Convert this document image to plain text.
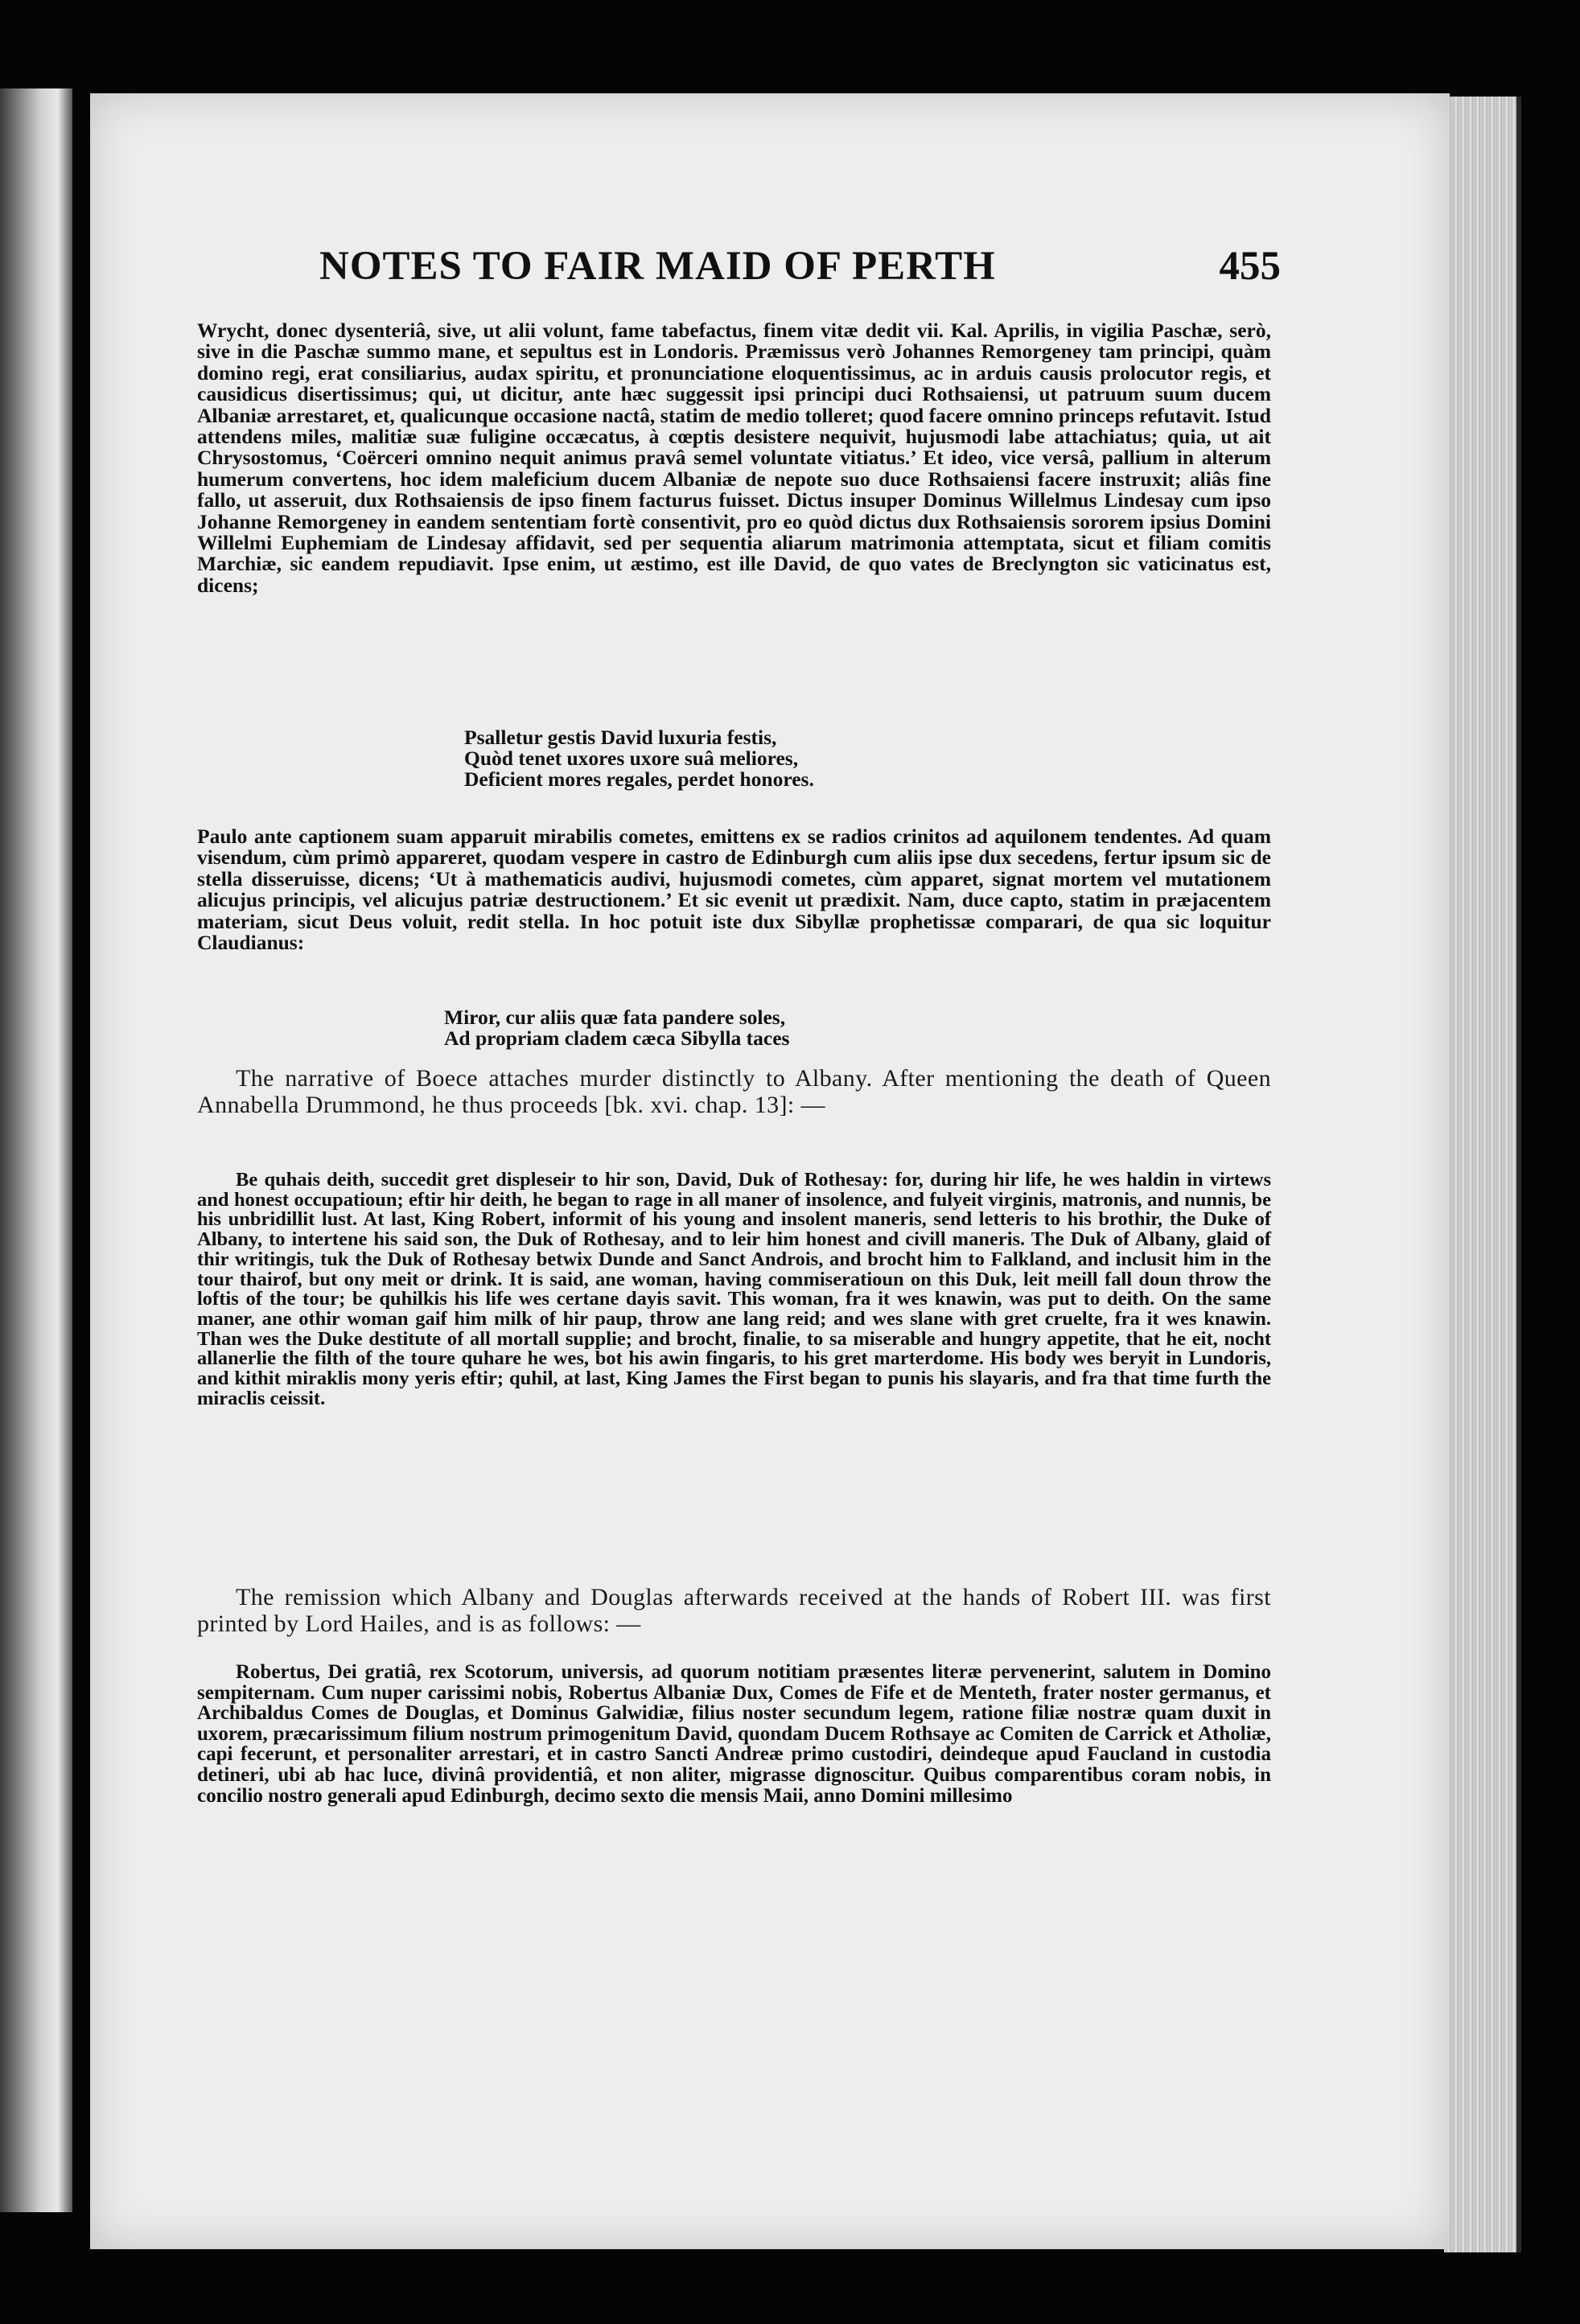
NOTES TO FAIR MAID OF PERTH	455
Wrycht, donec dysenteriâ, sive, ut alii volunt, fame tabefactus, finem vitæ dedit vii. Kal. Aprilis, in vigilia Paschæ, serò, sive in die Paschæ summo mane, et sepultus est in Londoris. Præmissus verò Johannes Remorgeney tam principi, quàm domino regi, erat consiliarius, audax spiritu, et pronunciatione eloquentissimus, ac in arduis causis prolocutor regis, et causidicus disertissimus; qui, ut dicitur, ante hæc suggessit ipsi principi duci Rothsaiensi, ut patruum suum ducem Albaniæ arrestaret, et, qualicunque occasione nactâ, statim de medio tolleret; quod facere omnino princeps refutavit. Istud attendens miles, malitiæ suæ fuligine occæcatus, à cœptis desistere nequivit, hujusmodi labe attachiatus; quia, ut ait Chrysostomus, ‘Coërceri omnino nequit animus pravâ semel voluntate vitiatus.’ Et ideo, vice versâ, pallium in alterum humerum convertens, hoc idem maleficium ducem Albaniæ de nepote suo duce Rothsaiensi facere instruxit; aliâs fine fallo, ut asseruit, dux Rothsaiensis de ipso finem facturus fuisset. Dictus insuper Dominus Willelmus Lindesay cum ipso Johanne Remorgeney in eandem sententiam fortè consentivit, pro eo quòd dictus dux Rothsaiensis sororem ipsius Domini Willelmi Euphemiam de Lindesay affidavit, sed per sequentia aliarum matrimonia attemptata, sicut et filiam comitis Marchiæ, sic eandem repudiavit. Ipse enim, ut æstimo, est ille David, de quo vates de Breclyngton sic vaticinatus est, dicens;
Psalletur gestis David luxuria festis,
Quòd tenet uxores uxore suâ meliores,
Deficient mores regales, perdet honores.
Paulo ante captionem suam apparuit mirabilis cometes, emittens ex se radios crinitos ad aquilonem tendentes. Ad quam visendum, cùm primò appareret, quodam vespere in castro de Edinburgh cum aliis ipse dux secedens, fertur ipsum sic de stella disseruisse, dicens; ‘Ut à mathematicis audivi, hujusmodi cometes, cùm apparet, signat mortem vel mutationem alicujus principis, vel alicujus patriæ destructionem.’ Et sic evenit ut prædixit. Nam, duce capto, statim in præjacentem materiam, sicut Deus voluit, redit stella. In hoc potuit iste dux Sibyllæ prophetissæ comparari, de qua sic loquitur Claudianus:
Miror, cur aliis quæ fata pandere soles,
Ad propriam cladem cæca Sibylla taces
The narrative of Boece attaches murder distinctly to Albany. After mentioning the death of Queen Annabella Drummond, he thus proceeds [bk. xvi. chap. 13]: —
Be quhais deith, succedit gret displeseir to hir son, David, Duk of Rothesay: for, during hir life, he wes haldin in virtews and honest occupatioun; eftir hir deith, he began to rage in all maner of insolence, and fulyeit virginis, matronis, and nunnis, be his unbridillit lust. At last, King Robert, informit of his young and insolent maneris, send letteris to his brothir, the Duke of Albany, to intertene his said son, the Duk of Rothesay, and to leir him honest and civill maneris. The Duk of Albany, glaid of thir writingis, tuk the Duk of Rothesay betwix Dunde and Sanct Androis, and brocht him to Falkland, and inclusit him in the tour thairof, but ony meit or drink. It is said, ane woman, having commiseratioun on this Duk, leit meill fall doun throw the loftis of the tour; be quhilkis his life wes certane dayis savit. This woman, fra it wes knawin, was put to deith. On the same maner, ane othir woman gaif him milk of hir paup, throw ane lang reid; and wes slane with gret cruelte, fra it wes knawin. Than wes the Duke destitute of all mortall supplie; and brocht, finalie, to sa miserable and hungry appetite, that he eit, nocht allanerlie the filth of the toure quhare he wes, bot his awin fingaris, to his gret marterdome. His body wes beryit in Lundoris, and kithit miraklis mony yeris eftir; quhil, at last, King James the First began to punis his slayaris, and fra that time furth the miraclis ceissit.
The remission which Albany and Douglas afterwards received at the hands of Robert III. was first printed by Lord Hailes, and is as follows: —
Robertus, Dei gratiâ, rex Scotorum, universis, ad quorum notitiam præsentes literæ pervenerint, salutem in Domino sempiternam. Cum nuper carissimi nobis, Robertus Albaniæ Dux, Comes de Fife et de Menteth, frater noster germanus, et Archibaldus Comes de Douglas, et Dominus Galwidiæ, filius noster secundum legem, ratione filiæ nostræ quam duxit in uxorem, præcarissimum filium nostrum primogenitum David, quondam Ducem Rothsaye ac Comiten de Carrick et Atholiæ, capi fecerunt, et personaliter arrestari, et in castro Sancti Andreæ primo custodiri, deindeque apud Faucland in custodia detineri, ubi ab hac luce, divinâ providentiâ, et non aliter, migrasse dignoscitur. Quibus comparentibus coram nobis, in concilio nostro generali apud Edinburgh, decimo sexto die mensis Maii, anno Domini millesimo
